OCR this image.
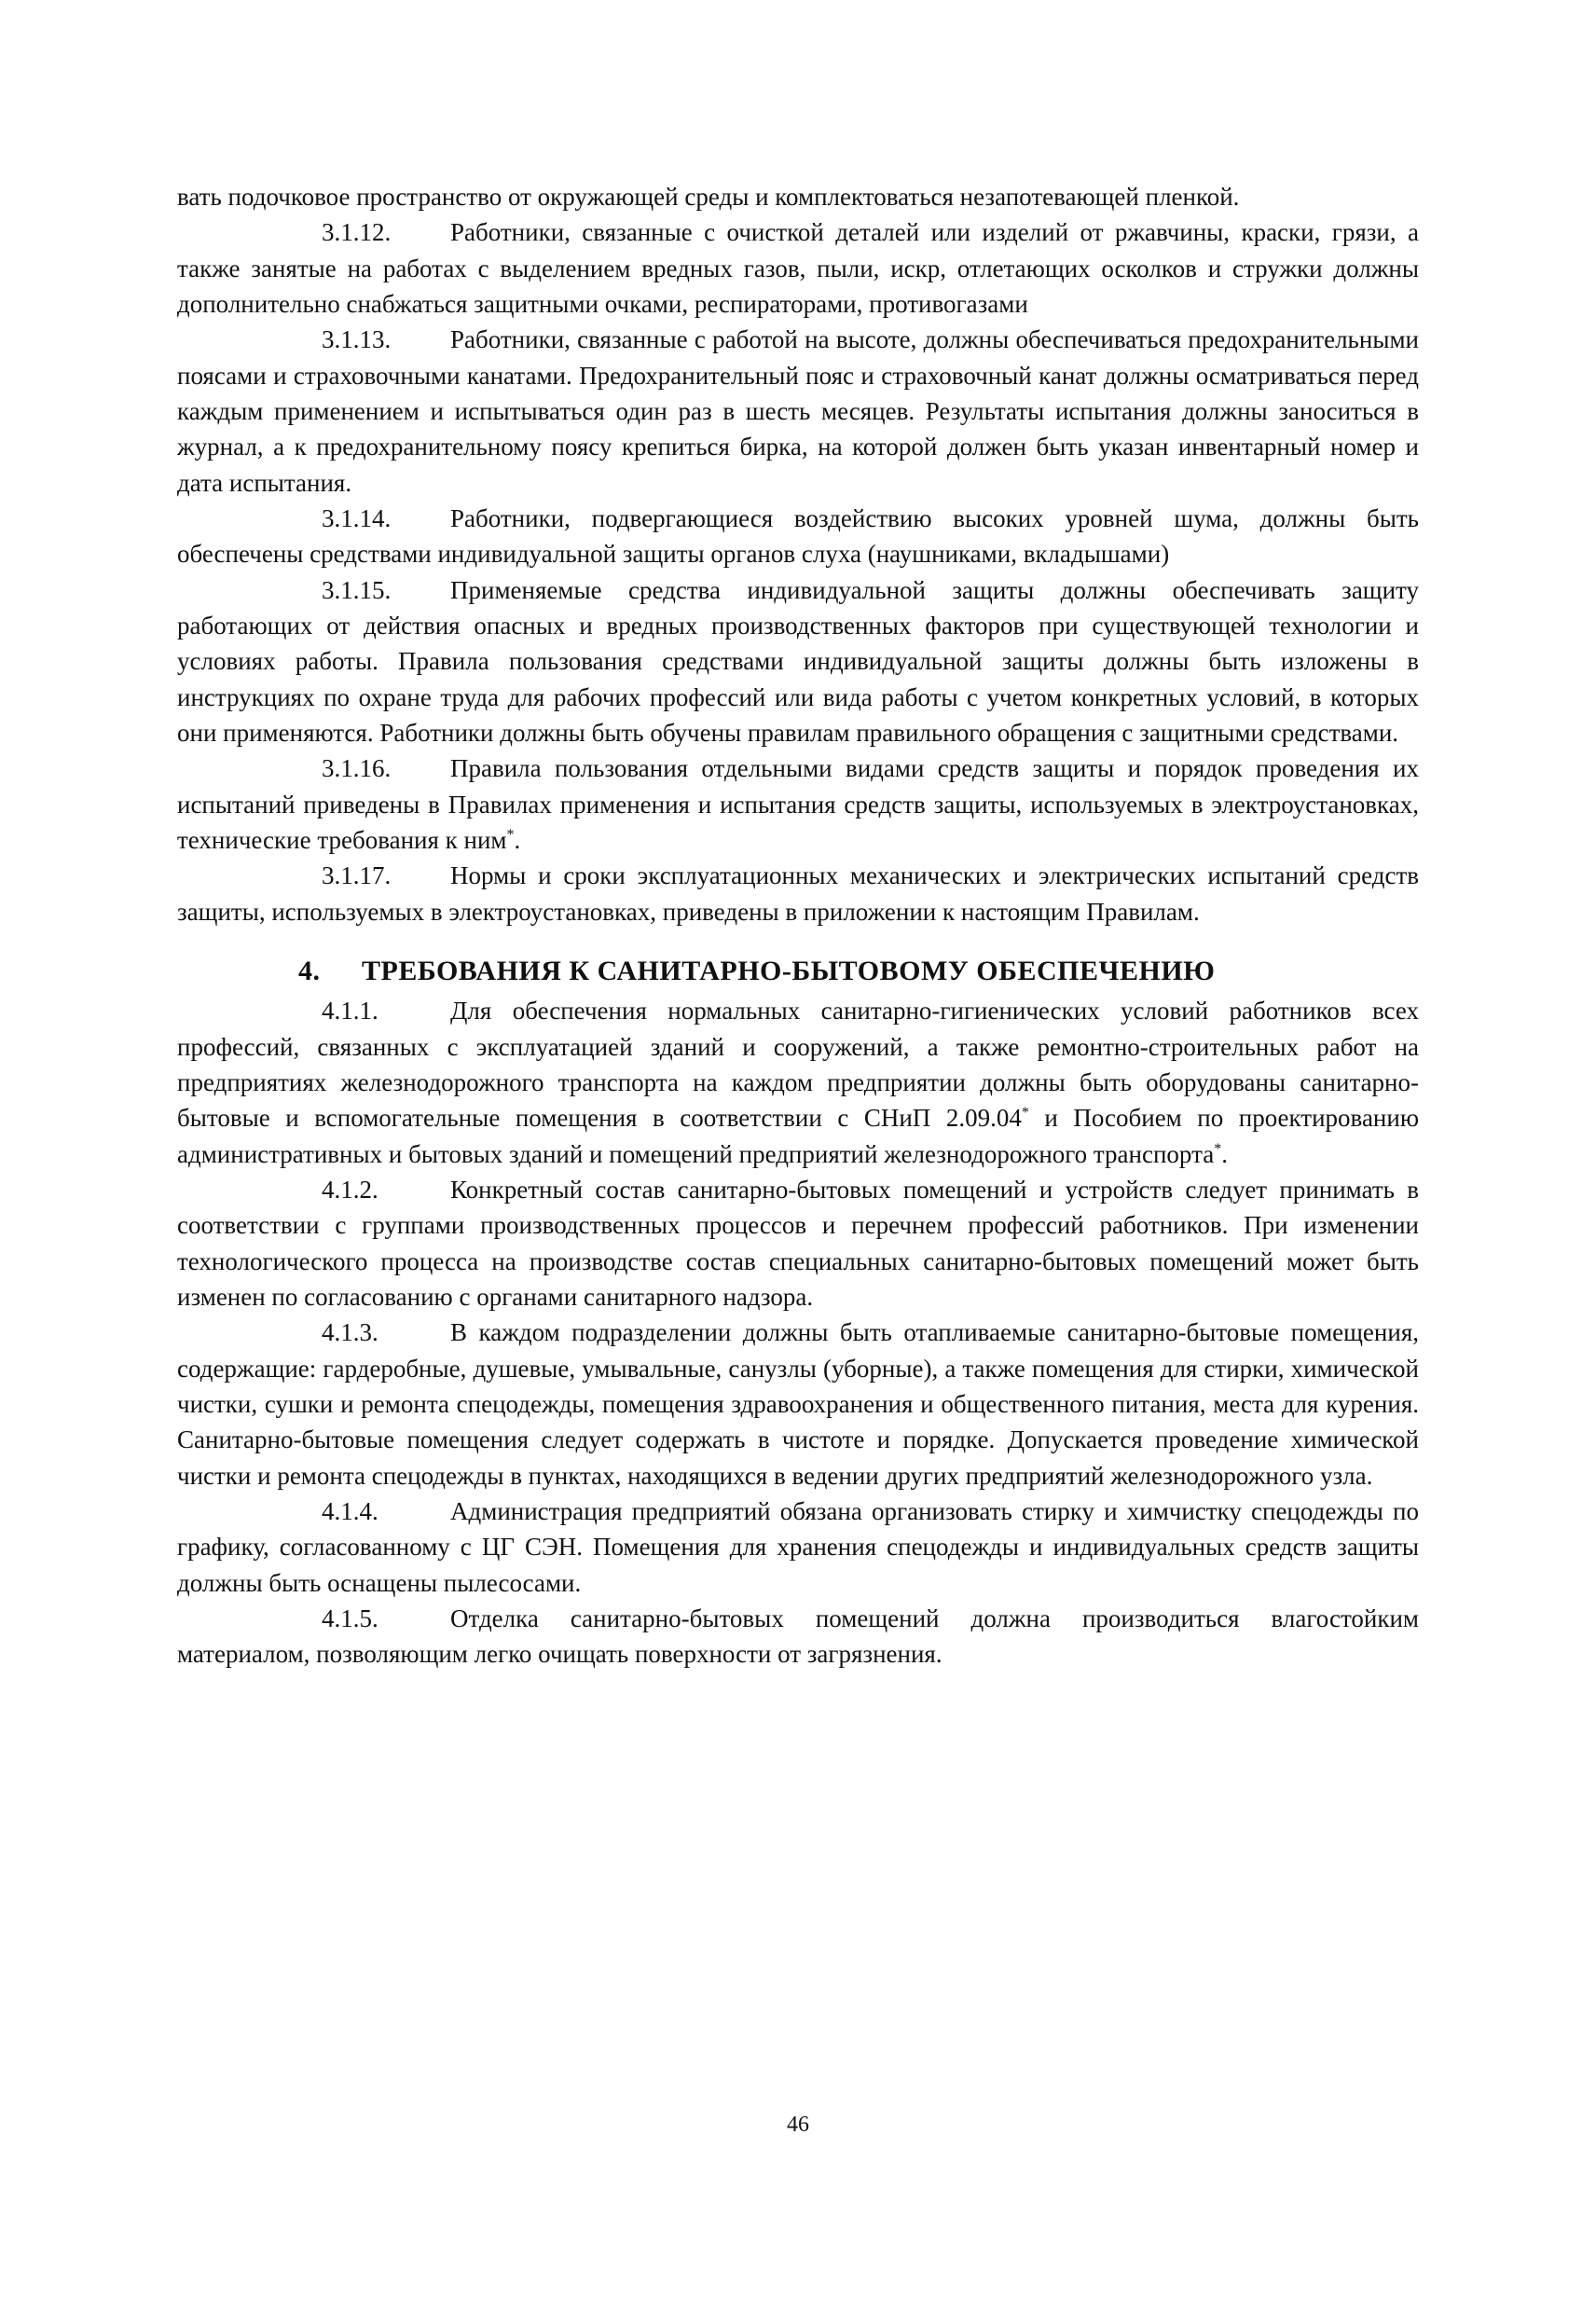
вать подочковое пространство от окружающей среды и комплектоваться незапотевающей пленкой.

3.1.12. Работники, связанные с очисткой деталей или изделий от ржавчины, краски, грязи, а также занятые на работах с выделением вредных газов, пыли, искр, отлетающих осколков и стружки должны дополнительно снабжаться защитными очками, респираторами, противогазами

3.1.13. Работники, связанные с работой на высоте, должны обеспечиваться предохранительными поясами и страховочными канатами. Предохранительный пояс и страховочный канат должны осматриваться перед каждым применением и испытываться один раз в шесть месяцев. Результаты испытания должны заноситься в журнал, а к предохранительному поясу крепиться бирка, на которой должен быть указан инвентарный номер и дата испытания.

3.1.14. Работники, подвергающиеся воздействию высоких уровней шума, должны быть обеспечены средствами индивидуальной защиты органов слуха (наушниками, вкладышами)

3.1.15. Применяемые средства индивидуальной защиты должны обеспечивать защиту работающих от действия опасных и вредных производственных факторов при существующей технологии и условиях работы. Правила пользования средствами индивидуальной защиты должны быть изложены в инструкциях по охране труда для рабочих профессий или вида работы с учетом конкретных условий, в которых они применяются. Работники должны быть обучены правилам правильного обращения с защитными средствами.

3.1.16. Правила пользования отдельными видами средств защиты и порядок проведения их испытаний приведены в Правилах применения и испытания средств защиты, используемых в электроустановках, технические требования к ним*.

3.1.17. Нормы и сроки эксплуатационных механических и электрических испытаний средств защиты, используемых в электроустановках, приведены в приложении к настоящим Правилам.

4. ТРЕБОВАНИЯ К САНИТАРНО-БЫТОВОМУ ОБЕСПЕЧЕНИЮ

4.1.1.	Для обеспечения нормальных санитарно-гигиенических условий работников всех профессий, связанных с эксплуатацией зданий и сооружений, а также ремонтно-строительных работ на предприятиях железнодорожного транспорта на каждом предприятии должны быть оборудованы санитарно-бытовые и вспомогательные помещения в соответствии с СНиП 2.09.04* и Пособием по проектированию административных и бытовых зданий и помещений предприятий железнодорожного транспорта*.

4.1.2.	Конкретный состав санитарно-бытовых помещений и устройств следует принимать в соответствии с группами производственных процессов и перечнем профессий работников. При изменении технологического процесса на производстве состав специальных санитарно-бытовых помещений может быть изменен по согласованию с органами санитарного надзора.

4.1.3.	В каждом подразделении должны быть отапливаемые санитарно-бытовые помещения, содержащие: гардеробные, душевые, умывальные, санузлы (уборные), а также помещения для стирки, химической чистки, сушки и ремонта спецодежды, помещения здравоохранения и общественного питания, места для курения. Санитарно-бытовые помещения следует содержать в чистоте и порядке. Допускается проведение химической чистки и ремонта спецодежды в пунктах, находящихся в ведении других предприятий железнодорожного узла.

4.1.4.	Администрация предприятий обязана организовать стирку и химчистку спецодежды по графику, согласованному с ЦГ СЭН. Помещения для хранения спецодежды и индивидуальных средств защиты должны быть оснащены пылесосами.

4.1.5.	Отделка санитарно-бытовых помещений должна производиться влагостойким материалом, позволяющим легко очищать поверхности от загрязнения.

46
